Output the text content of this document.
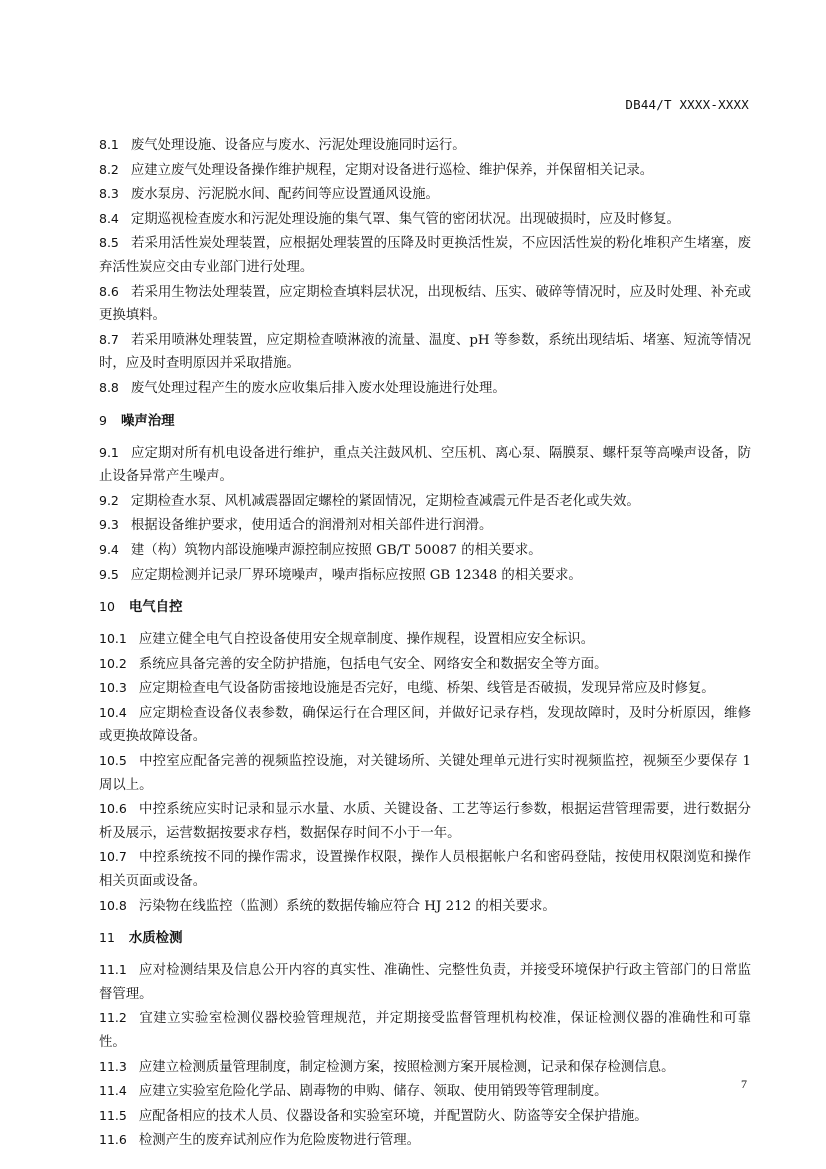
DB44/T XXXX-XXXX

8.1 废气处理设施、设备应与废水、污泥处理设施同时运行。

8.2 应建立废气处理设备操作维护规程，定期对设备进行巡检、维护保养，并保留相关记录。

8.3 废水泵房、污泥脱水间、配药间等应设置通风设施。

8.4 定期巡视检查废水和污泥处理设施的集气罩、集气管的密闭状况。出现破损时，应及时修复。

8.5 若采用活性炭处理装置，应根据处理装置的压降及时更换活性炭，不应因活性炭的粉化堆积产生堵塞，废弃活性炭应交由专业部门进行处理。

8.6 若采用生物法处理装置，应定期检查填料层状况，出现板结、压实、破碎等情况时，应及时处理、补充或更换填料。

8.7 若采用喷淋处理装置，应定期检查喷淋液的流量、温度、pH 等参数，系统出现结垢、堵塞、短流等情况时，应及时查明原因并采取措施。

8.8 废气处理过程产生的废水应收集后排入废水处理设施进行处理。

9 噪声治理

9.1 应定期对所有机电设备进行维护，重点关注鼓风机、空压机、离心泵、隔膜泵、螺杆泵等高噪声设备，防止设备异常产生噪声。

9.2 定期检查水泵、风机减震器固定螺栓的紧固情况，定期检查减震元件是否老化或失效。

9.3 根据设备维护要求，使用适合的润滑剂对相关部件进行润滑。

9.4 建（构）筑物内部设施噪声源控制应按照 GB/T 50087 的相关要求。

9.5 应定期检测并记录厂界环境噪声，噪声指标应按照 GB 12348 的相关要求。

10 电气自控

10.1 应建立健全电气自控设备使用安全规章制度、操作规程，设置相应安全标识。

10.2 系统应具备完善的安全防护措施，包括电气安全、网络安全和数据安全等方面。

10.3 应定期检查电气设备防雷接地设施是否完好，电缆、桥架、线管是否破损，发现异常应及时修复。

10.4 应定期检查设备仪表参数，确保运行在合理区间，并做好记录存档，发现故障时，及时分析原因，维修或更换故障设备。

10.5 中控室应配备完善的视频监控设施，对关键场所、关键处理单元进行实时视频监控，视频至少要保存 1 周以上。

10.6 中控系统应实时记录和显示水量、水质、关键设备、工艺等运行参数，根据运营管理需要，进行数据分析及展示，运营数据按要求存档，数据保存时间不小于一年。

10.7 中控系统按不同的操作需求，设置操作权限，操作人员根据帐户名和密码登陆，按使用权限浏览和操作相关页面或设备。

10.8 污染物在线监控（监测）系统的数据传输应符合 HJ 212 的相关要求。

11 水质检测

11.1 应对检测结果及信息公开内容的真实性、准确性、完整性负责，并接受环境保护行政主管部门的日常监督管理。

11.2 宜建立实验室检测仪器校验管理规范，并定期接受监督管理机构校准，保证检测仪器的准确性和可靠性。

11.3 应建立检测质量管理制度，制定检测方案，按照检测方案开展检测，记录和保存检测信息。

11.4 应建立实验室危险化学品、剧毒物的申购、储存、领取、使用销毁等管理制度。

11.5 应配备相应的技术人员、仪器设备和实验室环境，并配置防火、防盗等安全保护措施。

11.6 检测产生的废弃试剂应作为危险废物进行管理。

7
